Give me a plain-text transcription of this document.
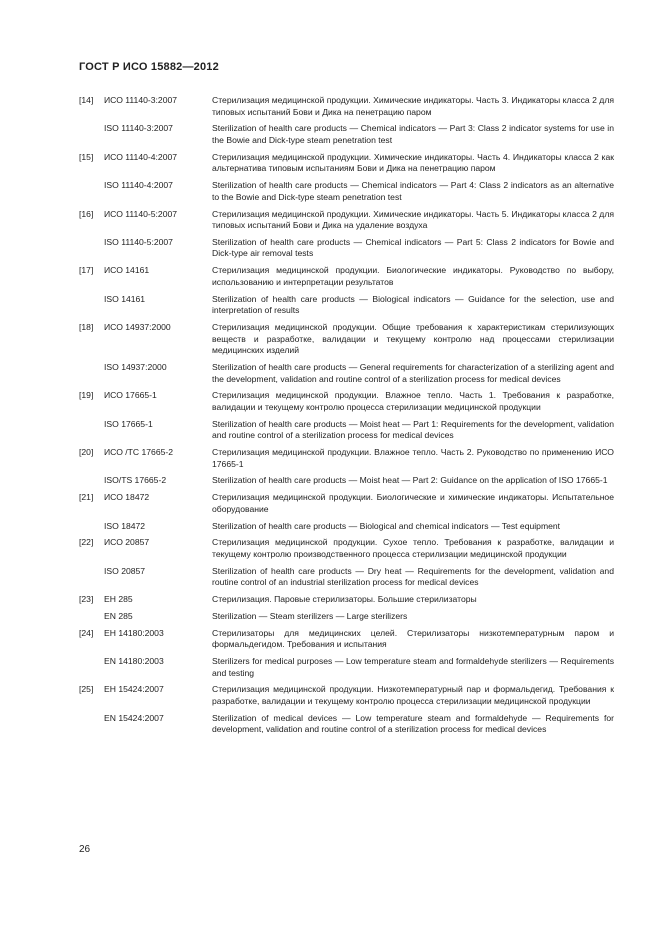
ГОСТ Р ИСО 15882—2012
[14]	ИСО 11140-3:2007	Стерилизация медицинской продукции. Химические индикаторы. Часть 3. Индикаторы класса 2 для типовых испытаний Бови и Дика на пенетрацию паром
ISO 11140-3:2007	Sterilization of health care products — Chemical indicators — Part 3: Class 2 indicator systems for use in the Bowie and Dick-type steam penetration test
[15]	ИСО 11140-4:2007	Стерилизация медицинской продукции. Химические индикаторы. Часть 4. Индикаторы класса 2 как альтернатива типовым испытаниям Бови и Дика на пенетрацию паром
ISO 11140-4:2007	Sterilization of health care products — Chemical indicators — Part 4: Class 2 indicators as an alternative to the Bowie and Dick-type steam penetration test
[16]	ИСО 11140-5:2007	Стерилизация медицинской продукции. Химические индикаторы. Часть 5. Индикаторы класса 2 для типовых испытаний Бови и Дика на удаление воздуха
ISO 11140-5:2007	Sterilization of health care products — Chemical indicators — Part 5: Class 2 indicators for Bowie and Dick-type air removal tests
[17]	ИСО 14161	Стерилизация медицинской продукции. Биологические индикаторы. Руководство по выбору, использованию и интерпретации результатов
ISO 14161	Sterilization of health care products — Biological indicators — Guidance for the selection, use and interpretation of results
[18]	ИСО 14937:2000	Стерилизация медицинской продукции. Общие требования к характеристикам стерилизующих веществ и разработке, валидации и текущему контролю над процессами стерилизации медицинских изделий
ISO 14937:2000	Sterilization of health care products — General requirements for characterization of a sterilizing agent and the development, validation and routine control of a sterilization process for medical devices
[19]	ИСО 17665-1	Стерилизация медицинской продукции. Влажное тепло. Часть 1. Требования к разработке, валидации и текущему контролю процесса стерилизации медицинской продукции
ISO 17665-1	Sterilization of health care products — Moist heat — Part 1: Requirements for the development, validation and routine control of a sterilization process for medical devices
[20]	ИСО /ТС 17665-2	Стерилизация медицинской продукции. Влажное тепло. Часть 2. Руководство по применению ИСО 17665-1
ISO/TS 17665-2	Sterilization of health care products — Moist heat — Part 2: Guidance on the application of ISO 17665-1
[21]	ИСО 18472	Стерилизация медицинской продукции. Биологические и химические индикаторы. Испытательное оборудование
ISO 18472	Sterilization of health care products — Biological and chemical indicators — Test equipment
[22]	ИСО 20857	Стерилизация медицинской продукции. Сухое тепло. Требования к разработке, валидации и текущему контролю производственного процесса стерилизации медицинской продукции
ISO 20857	Sterilization of health care products — Dry heat — Requirements for the development, validation and routine control of an industrial sterilization process for medical devices
[23]	ЕН 285	Стерилизация. Паровые стерилизаторы. Большие стерилизаторы
EN 285	Sterilization — Steam sterilizers — Large sterilizers
[24]	ЕН 14180:2003	Стерилизаторы для медицинских целей. Стерилизаторы низкотемпературным паром и формальдегидом. Требования и испытания
EN 14180:2003	Sterilizers for medical purposes — Low temperature steam and formaldehyde sterilizers — Requirements and testing
[25]	ЕН 15424:2007	Стерилизация медицинской продукции. Низкотемпературный пар и формальдегид. Требования к разработке, валидации и текущему контролю процесса стерилизации медицинской продукции
EN 15424:2007	Sterilization of medical devices — Low temperature steam and formaldehyde — Requirements for development, validation and routine control of a sterilization process for medical devices
26
